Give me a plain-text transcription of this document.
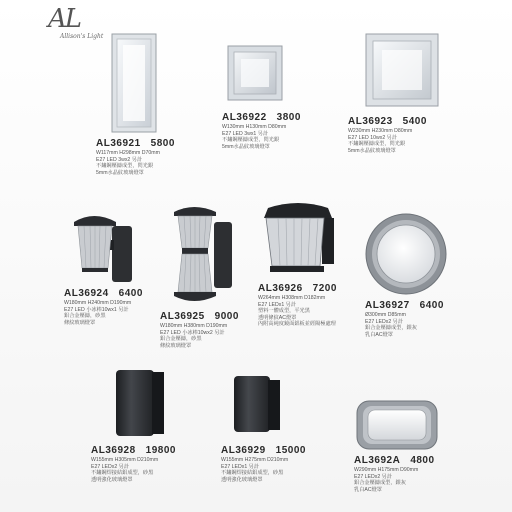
AL
Allison's Light
AL36921 5800
W117mm H298mm D70mm
E27 LED 3wx2 另計
不鏽鋼壓鑄成型，閃光銀
5mm水晶紋玻璃燈罩
AL36922 3800
W130mm H130mm D80mm
E27 LED 3wx1 另計
不鏽鋼壓鑄成型，閃光銀
5mm水晶紋玻璃燈罩
AL36923 5400
W230mm H230mm D80mm
E27 LED 10wx2 另計
不鏽鋼壓鑄成型，閃光銀
5mm水晶紋玻璃燈罩
AL36924 6400
W180mm H240mm D190mm
E27 LED 小冰棒10wx1 另計
鋁合金壓鑄，砂黑
條紋玻璃燈罩
AL36925 9000
W180mm H380mm D190mm
E27 LED 小冰棒10wx2 另計
鋁合金壓鑄，砂黑
條紋玻璃燈罩
AL36926 7200
W264mm H308mm D182mm
E27 LEDx1 另計
塑料一體成型，平光黑
透明條紋AC燈罩
內附高純度鏡面鋁板並經陽極處理
AL36927 6400
Ø300mm D85mm
E27 LEDx2 另計
鋁合金壓鑄成型，銀灰
乳白AC燈罩
AL36928 19800
W155mm H305mm D210mm
E27 LEDx2 另計
不鏽鋼焊接結鋁成型，砂黑
透明強化玻璃燈罩
AL36929 15000
W155mm H275mm D210mm
E27 LEDx1 另計
不鏽鋼焊接結鋁成型，砂黑
透明強化玻璃燈罩
AL3692A 4800
W290mm H175mm D90mm
E27 LEDx2 另計
鋁合金壓鑄成型，銀灰
乳白AC燈罩
